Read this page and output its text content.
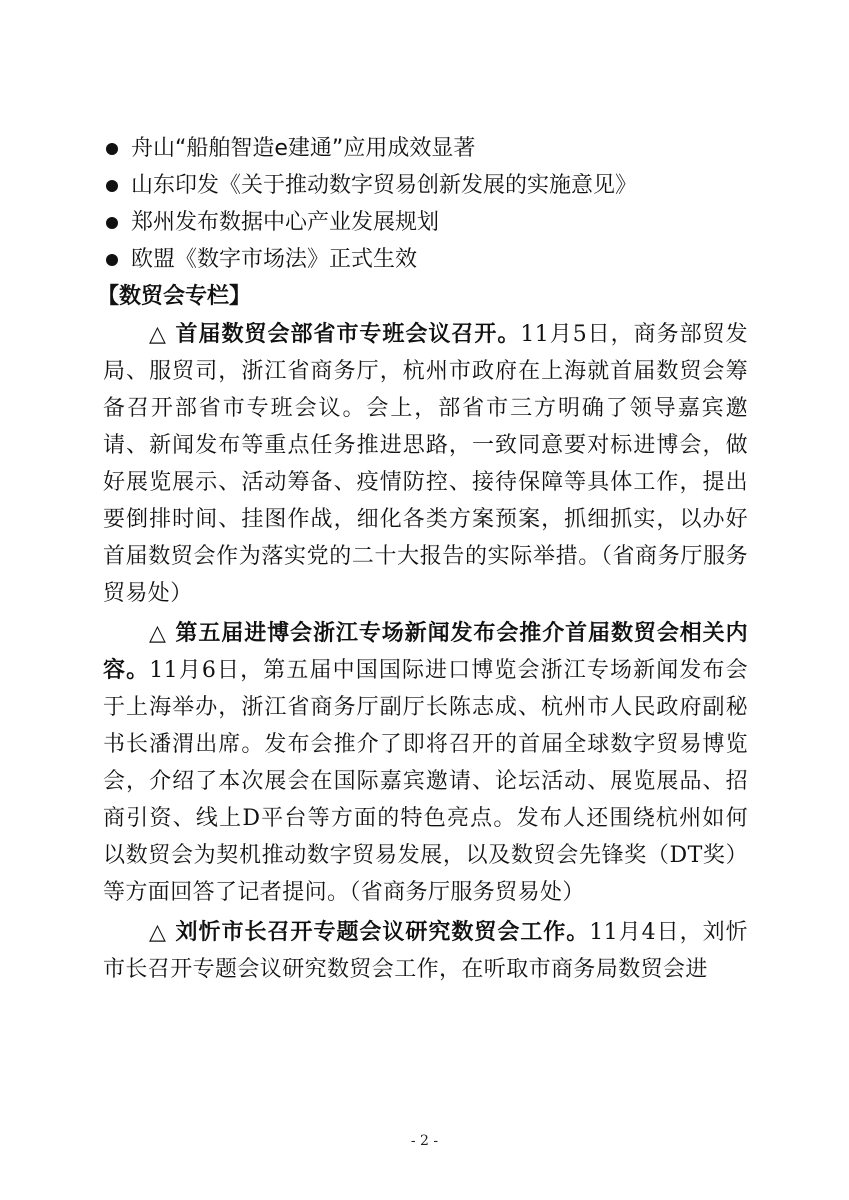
舟山“船舶智造e建通”应用成效显著
山东印发《关于推动数字贸易创新发展的实施意见》
郑州发布数据中心产业发展规划
欧盟《数字市场法》正式生效
【数贸会专栏】

△ 首届数贸会部省市专班会议召开。11月5日，商务部贸发局、服贸司，浙江省商务厅，杭州市政府在上海就首届数贸会筹备召开部省市专班会议。会上，部省市三方明确了领导嘉宾邀请、新闻发布等重点任务推进思路，一致同意要对标进博会，做好展览展示、活动筹备、疫情防控、接待保障等具体工作，提出要倒排时间、挂图作战，细化各类方案预案，抓细抓实，以办好首届数贸会作为落实党的二十大报告的实际举措。（省商务厅服务贸易处）

△ 第五届进博会浙江专场新闻发布会推介首届数贸会相关内容。11月6日，第五届中国国际进口博览会浙江专场新闻发布会于上海举办，浙江省商务厅副厅长陈志成、杭州市人民政府副秘书长潘渭出席。发布会推介了即将召开的首届全球数字贸易博览会，介绍了本次展会在国际嘉宾邀请、论坛活动、展览展品、招商引资、线上D平台等方面的特色亮点。发布人还围绕杭州如何以数贸会为契机推动数字贸易发展，以及数贸会先锋奖（DT奖）等方面回答了记者提问。（省商务厅服务贸易处）

△ 刘忻市长召开专题会议研究数贸会工作。11月4日，刘忻市长召开专题会议研究数贸会工作，在听取市商务局数贸会进

- 2 -
